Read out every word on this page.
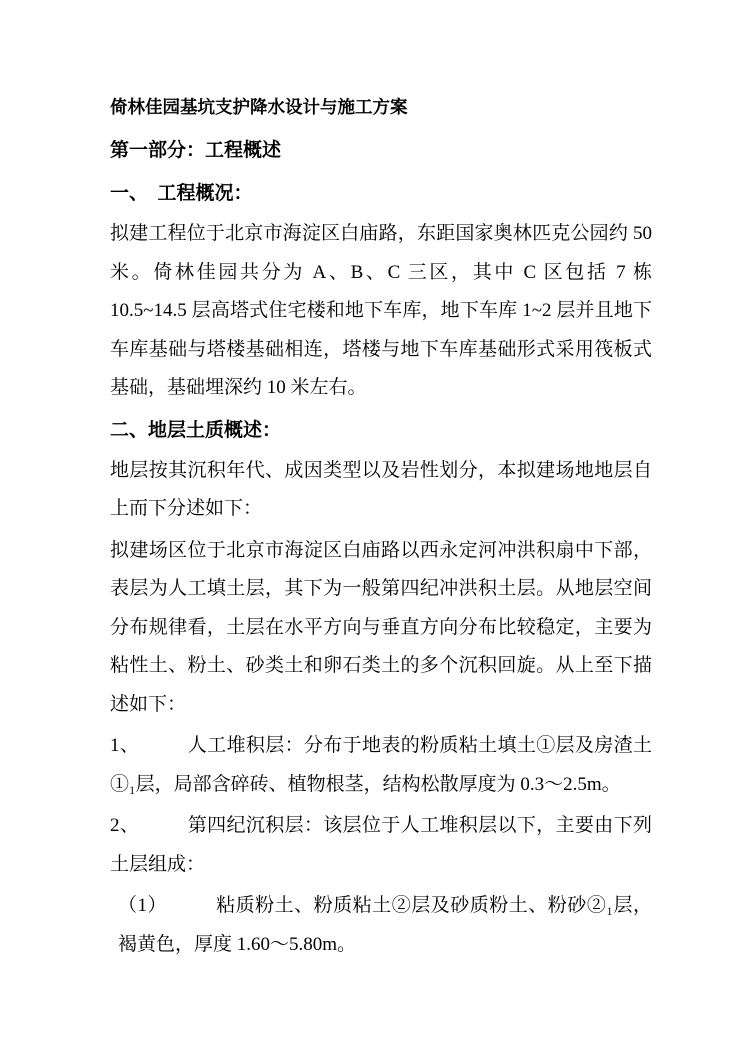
倚林佳园基坑支护降水设计与施工方案
第一部分：工程概述
一、　工程概况：

拟建工程位于北京市海淀区白庙路，东距国家奥林匹克公园约 50 米。倚林佳园共分为 A、B、C 三区，其中 C 区包括 7 栋 10.5~14.5 层高塔式住宅楼和地下车库，地下车库 1~2 层并且地下车库基础与塔楼基础相连，塔楼与地下车库基础形式采用筏板式基础，基础埋深约 10 米左右。

二、地层土质概述：

地层按其沉积年代、成因类型以及岩性划分，本拟建场地地层自上而下分述如下：

拟建场区位于北京市海淀区白庙路以西永定河冲洪积扇中下部，表层为人工填土层，其下为一般第四纪冲洪积土层。从地层空间分布规律看，土层在水平方向与垂直方向分布比较稳定，主要为粘性土、粉土、砂类土和卵石类土的多个沉积回旋。从上至下描述如下：

1、　　　人工堆积层：分布于地表的粉质粘土填土①层及房渣土①₁层，局部含碎砖、植物根茎，结构松散厚度为 0.3～2.5m。

2、　　　第四纪沉积层：该层位于人工堆积层以下，主要由下列土层组成：

（1）　　　粘质粉土、粉质粘土②层及砂质粉土、粉砂②₁层，褐黄色，厚度 1.60～5.80m。
